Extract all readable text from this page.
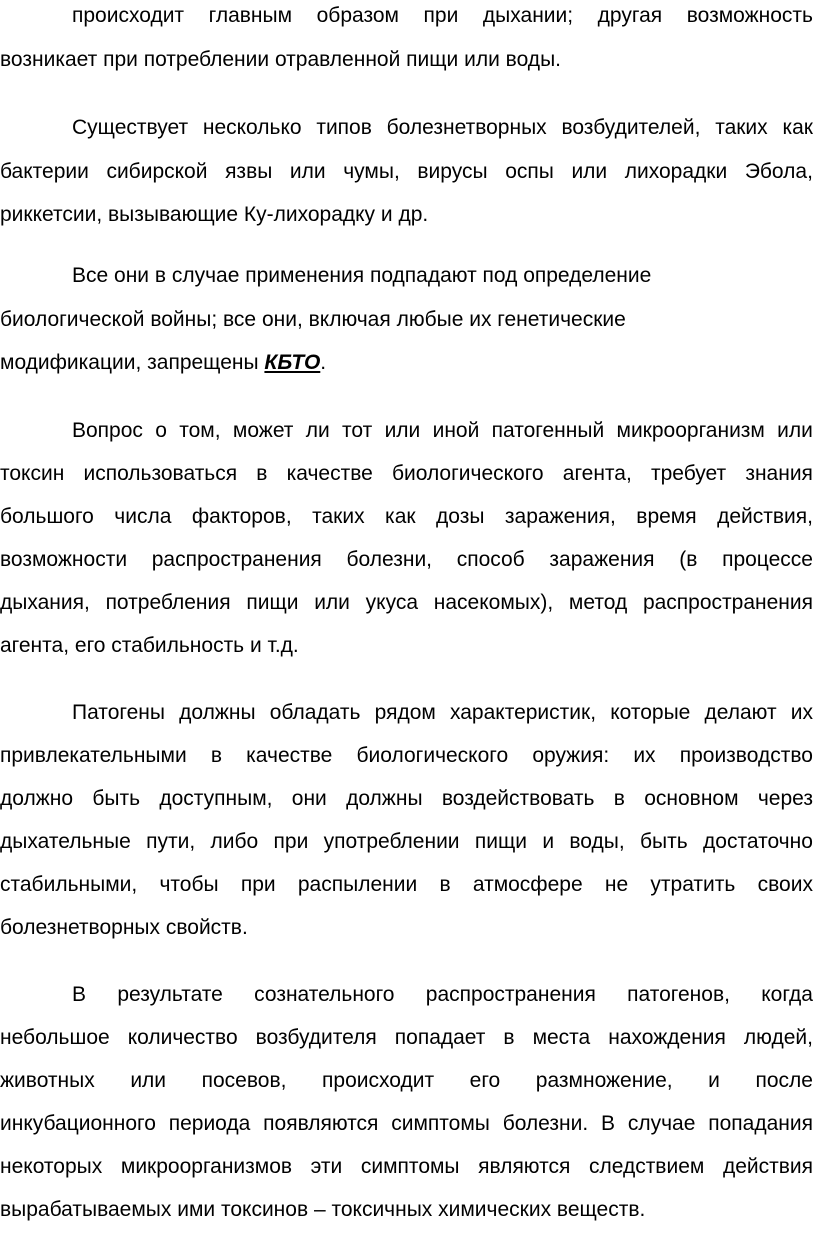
происходит главным образом при дыхании; другая возможность
возникает при потреблении отравленной пищи или воды.
Существует несколько типов болезнетворных возбудителей, таких как
бактерии сибирской язвы или чумы, вирусы оспы или лихорадки Эбола,
риккетсии, вызывающие Ку-лихорадку и др.
Все они в случае применения подпадают под определение
биологической войны; все они, включая любые их генетические
модификации, запрещены КБТО.
Вопрос о том, может ли тот или иной патогенный микроорганизм или
токсин использоваться в качестве биологического агента, требует знания
большого числа факторов, таких как дозы заражения, время действия,
возможности распространения болезни, способ заражения (в процессе
дыхания, потребления пищи или укуса насекомых), метод распространения
агента, его стабильность и т.д.
Патогены должны обладать рядом характеристик, которые делают их
привлекательными в качестве биологического оружия: их производство
должно быть доступным, они должны воздействовать в основном через
дыхательные пути, либо при употреблении пищи и воды, быть достаточно
стабильными, чтобы при распылении в атмосфере не утратить своих
болезнетворных свойств.
В результате сознательного распространения патогенов, когда
небольшое количество возбудителя попадает в места нахождения людей,
животных или посевов, происходит его размножение, и после
инкубационного периода появляются симптомы болезни. В случае попадания
некоторых микроорганизмов эти симптомы являются следствием действия
вырабатываемых ими токсинов – токсичных химических веществ.
